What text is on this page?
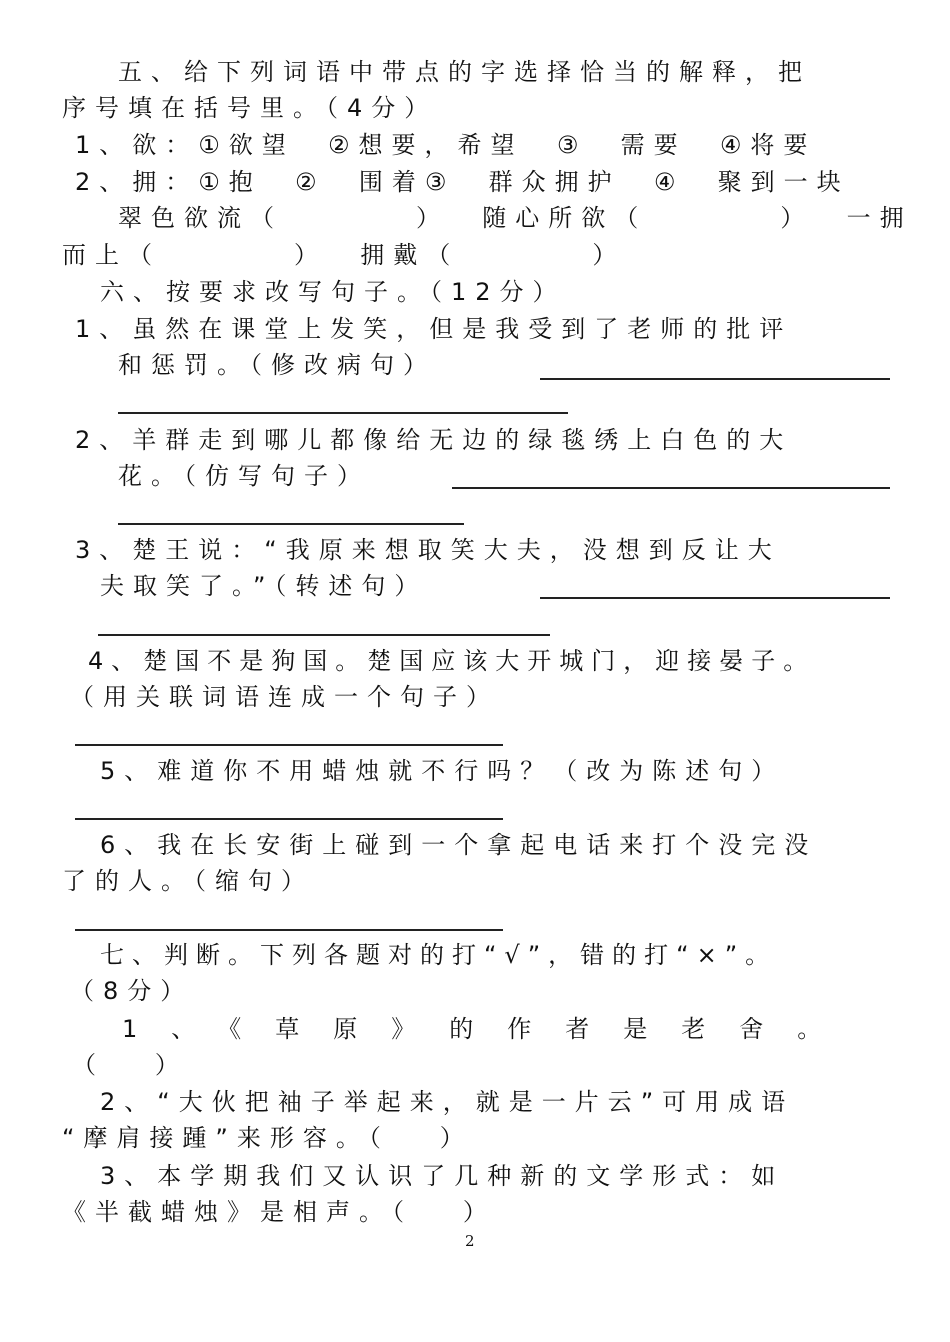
五、给下列词语中带点的字选择恰当的解释，把
序号填在括号里。（4分）
1、欲：①欲望  ②想要，希望  ③  需要  ④将要
2、拥：①抱  ②  围着③  群众拥护  ④  聚到一块
翠色欲流（        ）  随心所欲（        ）  一拥
而上（        ）  拥戴（        ）
六、按要求改写句子。（12分）
1、虽然在课堂上发笑，但是我受到了老师的批评
和惩罚。（修改病句）
2、羊群走到哪儿都像给无边的绿毯绣上白色的大
花。（仿写句子）
3、楚王说：“我原来想取笑大夫，没想到反让大
夫取笑了。”（转述句）
4、楚国不是狗国。楚国应该大开城门，迎接晏子。
（用关联词语连成一个句子）
5、难道你不用蜡烛就不行吗？（改为陈述句）
6、我在长安街上碰到一个拿起电话来打个没完没
了的人。（缩句）
七、判断。下列各题对的打“√”，错的打“×”。
（8分）
1、《草原》的作者是老舍。
（   ）
2、“大伙把袖子举起来，就是一片云”可用成语
“摩肩接踵”来形容。（   ）
3、本学期我们又认识了几种新的文学形式：如
《半截蜡烛》是相声。（   ）
2
